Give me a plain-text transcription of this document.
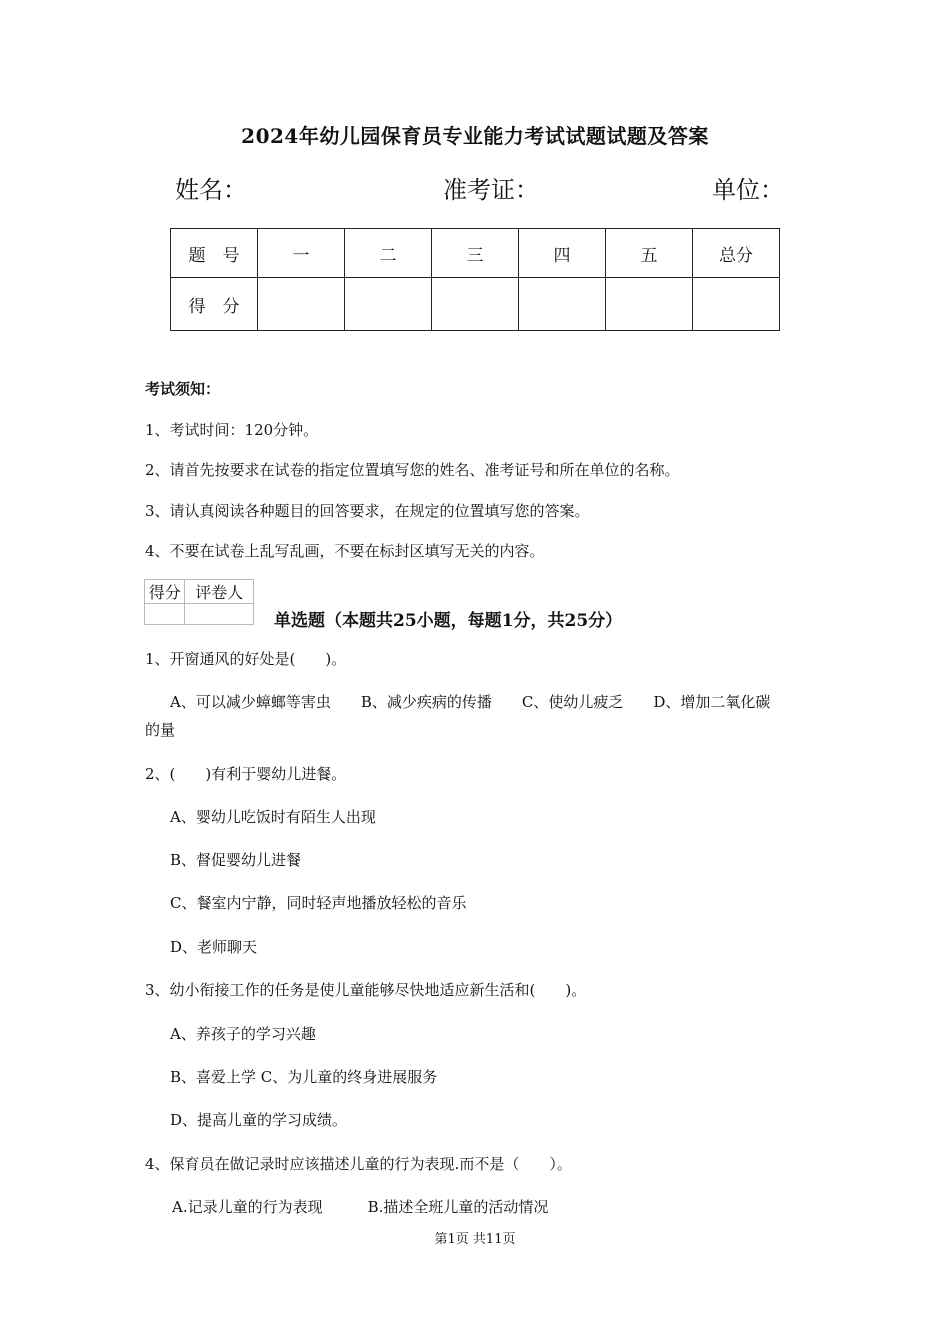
2024年幼儿园保育员专业能力考试试题试题及答案
姓名：	准考证：	单位：
题　号	一	二	三	四	五	总分
得　分						
考试须知：
1、考试时间：120分钟。
2、请首先按要求在试卷的指定位置填写您的姓名、准考证号和所在单位的名称。
3、请认真阅读各种题目的回答要求，在规定的位置填写您的答案。
4、不要在试卷上乱写乱画，不要在标封区填写无关的内容。
得分	评卷人

单选题（本题共25小题，每题1分，共25分）
1、开窗通风的好处是(　　)。
A、可以减少蟑螂等害虫　　B、减少疾病的传播　　C、使幼儿疲乏　　D、增加二氧化碳
的量
2、(　　)有利于婴幼儿进餐。
A、婴幼儿吃饭时有陌生人出现
B、督促婴幼儿进餐
C、餐室内宁静，同时轻声地播放轻松的音乐
D、老师聊天
3、幼小衔接工作的任务是使儿童能够尽快地适应新生活和(　　)。
A、养孩子的学习兴趣
B、喜爱上学 C、为儿童的终身进展服务
D、提高儿童的学习成绩。
4、保育员在做记录时应该描述儿童的行为表现.而不是（　　）。
A.记录儿童的行为表现　　　B.描述全班儿童的活动情况
第1页 共11页
